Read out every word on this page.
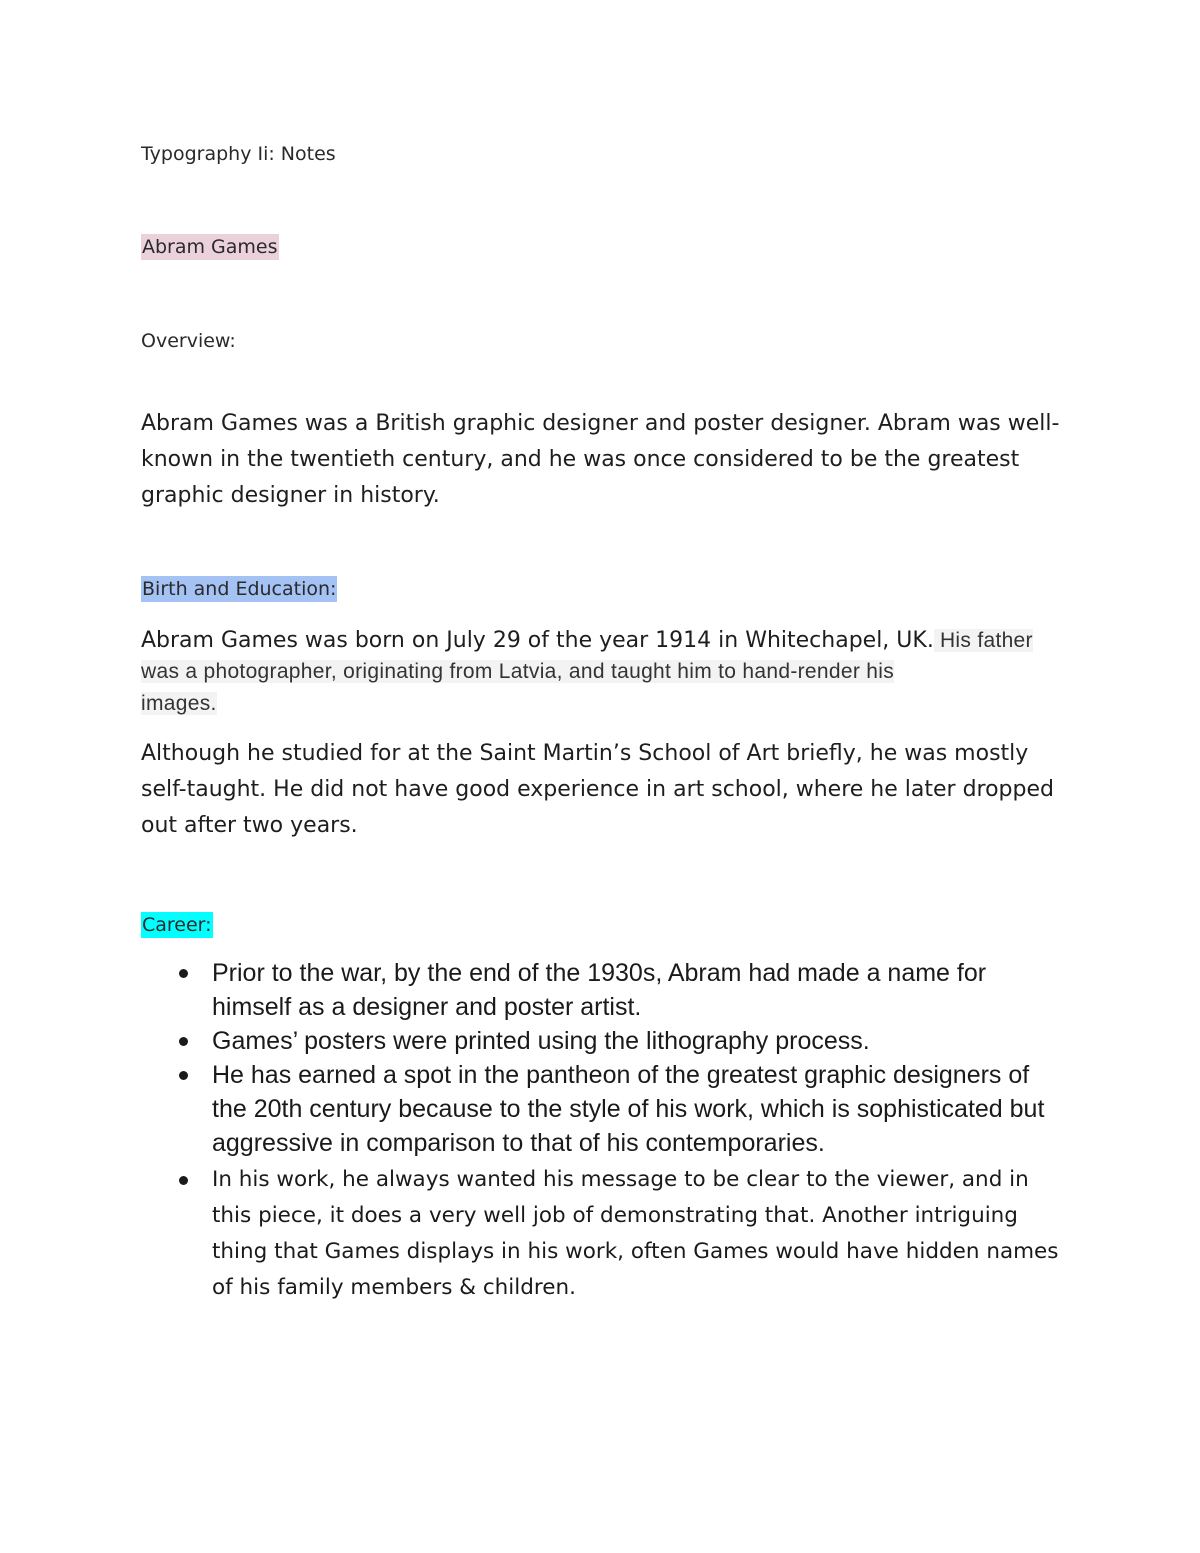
Typography Ii: Notes
Abram Games
Overview:
Abram Games was a British graphic designer and poster designer. Abram was well-known in the twentieth century, and he was once considered to be the greatest graphic designer in history.
Birth and Education:
Abram Games was born on July 29 of the year 1914 in Whitechapel, UK. His father
was a photographer, originating from Latvia, and taught him to hand-render his
images.
Although he studied for at the Saint Martin’s School of Art briefly, he was mostly self-taught. He did not have good experience in art school, where he later dropped out after two years.
Career:
Prior to the war, by the end of the 1930s, Abram had made a name for himself as a designer and poster artist.
Games’ posters were printed using the lithography process.
He has earned a spot in the pantheon of the greatest graphic designers of the 20th century because to the style of his work, which is sophisticated but aggressive in comparison to that of his contemporaries.
In his work, he always wanted his message to be clear to the viewer, and in this piece, it does a very well job of demonstrating that. Another intriguing thing that Games displays in his work, often Games would have hidden names of his family members & children.
